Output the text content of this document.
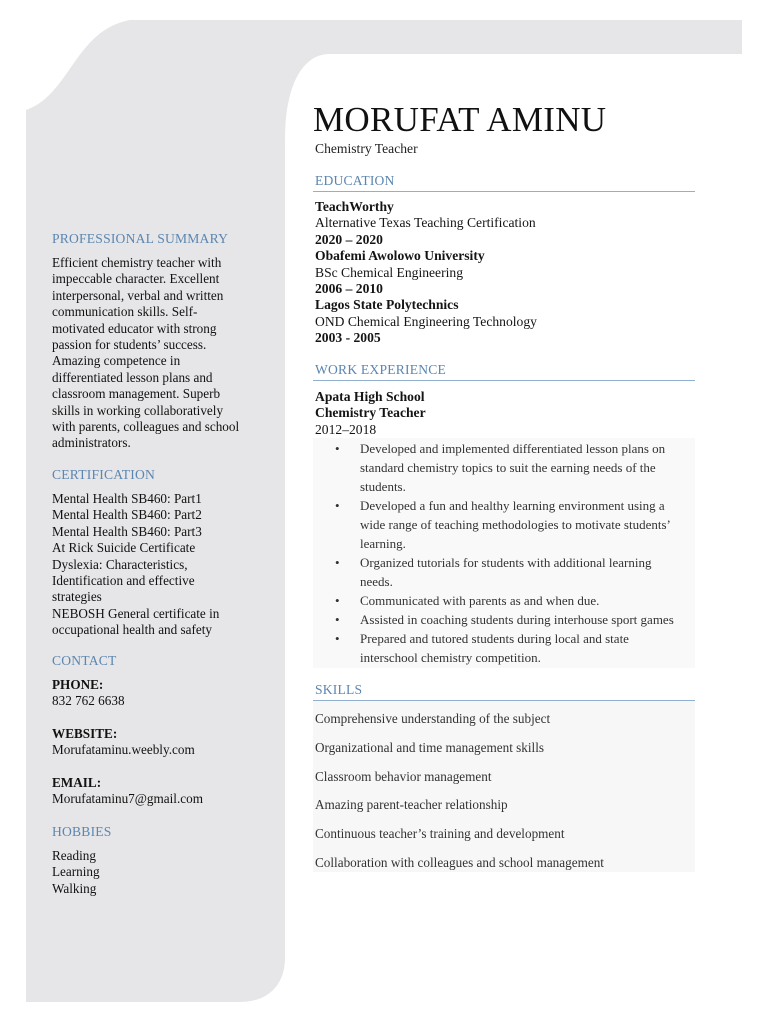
PROFESSIONAL SUMMARY
Efficient chemistry teacher with
impeccable character. Excellent
interpersonal, verbal and written
communication skills. Self-
motivated educator with strong
passion for students’ success.
Amazing competence in
differentiated lesson plans and
classroom management. Superb
skills in working collaboratively
with parents, colleagues and school
administrators.
CERTIFICATION
Mental Health SB460: Part1
Mental Health SB460: Part2
Mental Health SB460: Part3
At Rick Suicide Certificate
Dyslexia: Characteristics,
Identification and effective
strategies
NEBOSH General certificate in
occupational health and safety
CONTACT
PHONE:
832 762 6638
WEBSITE:
Morufataminu.weebly.com
EMAIL:
Morufataminu7@gmail.com
HOBBIES
Reading
Learning
Walking
MORUFAT AMINU
Chemistry Teacher
EDUCATION
TeachWorthy
Alternative Texas Teaching Certification
2020 – 2020
Obafemi Awolowo University
BSc Chemical Engineering
2006 – 2010
Lagos State Polytechnics
OND Chemical Engineering Technology
2003 - 2005
WORK EXPERIENCE
Apata High School
Chemistry Teacher
2012–2018
• Developed and implemented differentiated lesson plans on
standard chemistry topics to suit the earning needs of the
students.
• Developed a fun and healthy learning environment using a
wide range of teaching methodologies to motivate students’
learning.
• Organized tutorials for students with additional learning
needs.
• Communicated with parents as and when due.
• Assisted in coaching students during interhouse sport games
• Prepared and tutored students during local and state
interschool chemistry competition.
SKILLS
Comprehensive understanding of the subject
Organizational and time management skills
Classroom behavior management
Amazing parent-teacher relationship
Continuous teacher’s training and development
Collaboration with colleagues and school management
